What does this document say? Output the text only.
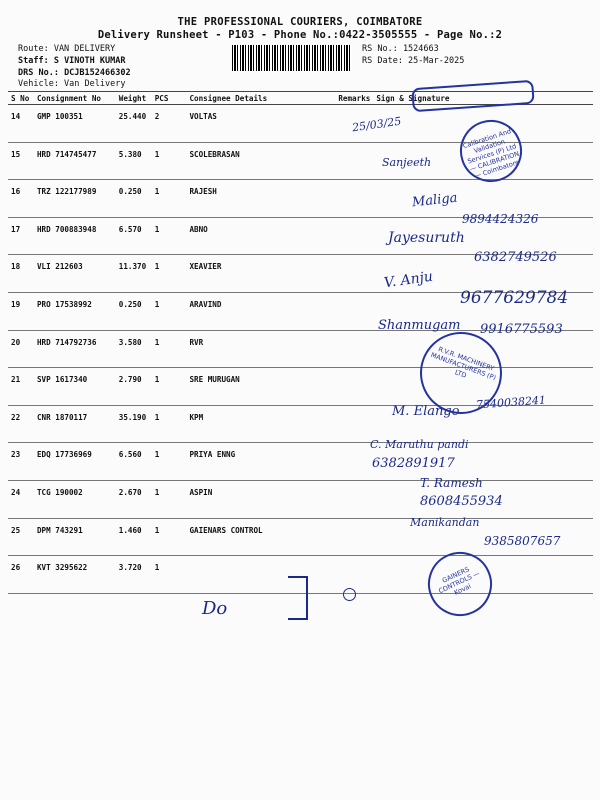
THE PROFESSIONAL COURIERS, COIMBATORE
Delivery Runsheet - P103 - Phone No.:0422-3505555 - Page No.:2
Route: VAN DELIVERY
Staff: S VINOTH KUMAR
DRS No.: DCJB152466302
Vehicle: Van Delivery
RS No.: 1524663
RS Date: 25-Mar-2025
S No	Consignment No	Weight	PCS	Consignee Details	Remarks	Sign & Signature
14	GMP 100351	25.440	2	VOLTAS		
15	HRD 714745477	5.380	1	SCOLEBRASAN		
16	TRZ 122177989	0.250	1	RAJESH		
17	HRD 700883948	6.570	1	ABNO		
18	VLI 212603	11.370	1	XEAVIER		
19	PRO 17538992	0.250	1	ARAVIND		
20	HRD 714792736	3.580	1	RVR		
21	SVP 1617340	2.790	1	SRE MURUGAN		
22	CNR 1870117	35.190	1	KPM		
23	EDQ 17736969	6.560	1	PRIYA ENNG		
24	TCG 190002	2.670	1	ASPIN		
25	DPM 743291	1.460	1	GAIENARS CONTROL		
26	KVT 3295622	3.720	1			
25/03/25
Sanjeeth
Maliga
9894424326
Jayesuruth
6382749526
V. Anju
9677629784
Shanmugam 9916775593
M. Elango
7540038241
C. Maruthu pandi
6382891917
T. Ramesh
8608455934
Manikandan
9385807657
Do
Calibration And Validation Services (P) Ltd — CALIBRATION — Coimbatore
R.V.R. MACHINERY MANUFACTURERS (P) LTD
GAINERS CONTROLS — Kovai
